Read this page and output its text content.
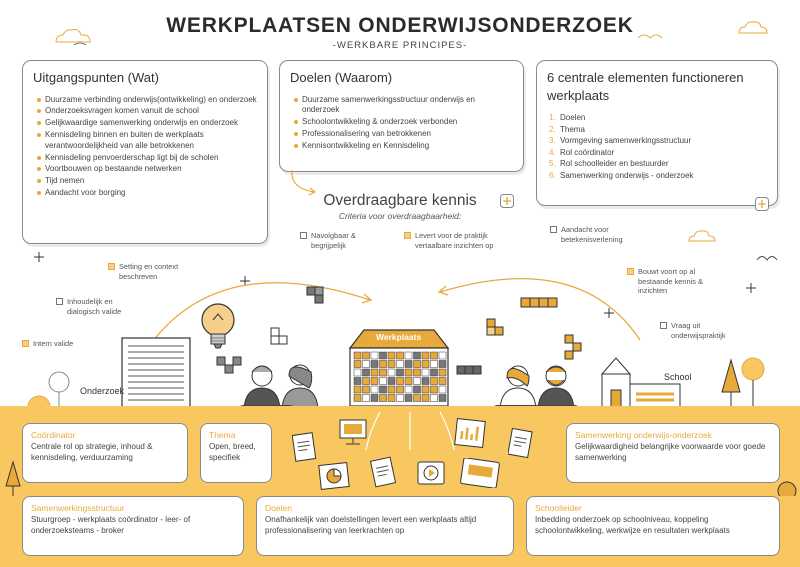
WERKPLAATSEN ONDERWIJSONDERZOEK
-WERKBARE PRINCIPES-
Uitgangspunten (Wat)
Duurzame verbinding onderwijs(ontwikkeling) en onderzoek
Onderzoeksvragen komen vanuit de school
Gelijkwaardige samenwerking onderwijs en onderzoek
Kennisdeling binnen en buiten de werkplaats verantwoordelijkheid van alle betrokkenen
Kennisdeling penvoerderschap ligt bij de scholen
Voortbouwen op bestaande netwerken
Tijd nemen
Aandacht voor borging
Doelen (Waarom)
Duurzame samenwerkingsstructuur onderwijs en onderzoek
Schoolontwikkeling & onderzoek verbonden
Professionalisering van betrokkenen
Kennisontwikkeling en Kennisdeling
6 centrale elementen functioneren werkplaats
1. Doelen
2. Thema
3. Vormgeving samenwerkingsstructuur
4. Rol coördinator
5. Rol schoolleider en bestuurder
6. Samenwerking onderwijs - onderzoek
Overdraagbare kennis
Criteria voor overdraagbaarheid:
Navolgbaar & begrijpelijk
Levert voor de praktijk vertaalbare inzichten op
Aandacht voor betekenisverlening
Setting en context beschreven
Bouwt voort op al bestaande kennis & inzichten
Inhoudelijk en dialogisch valide
Vraag uit onderwijspraktijk
Intern valide
Onderzoek
Werkplaats
School
Coördinator
Centrale rol op strategie, inhoud & kennisdeling, verduurzaming
Thema
Open, breed, specifiek
Samenwerking onderwijs-onderzoek
Gelijkwaardigheid belangrijke voorwaarde voor goede samenwerking
Samenwerkingsstructuur
Stuurgroep - werkplaats coördinator - leer- of onderzoeksteams - broker
Doelen
Onafhankelijk van doelstellingen levert een werkplaats altijd professionalisering van leerkrachten op
Schoolleider
Inbedding onderzoek op schoolniveau, koppeling schoolontwikkeling, werkwijze en resultaten werkplaats
